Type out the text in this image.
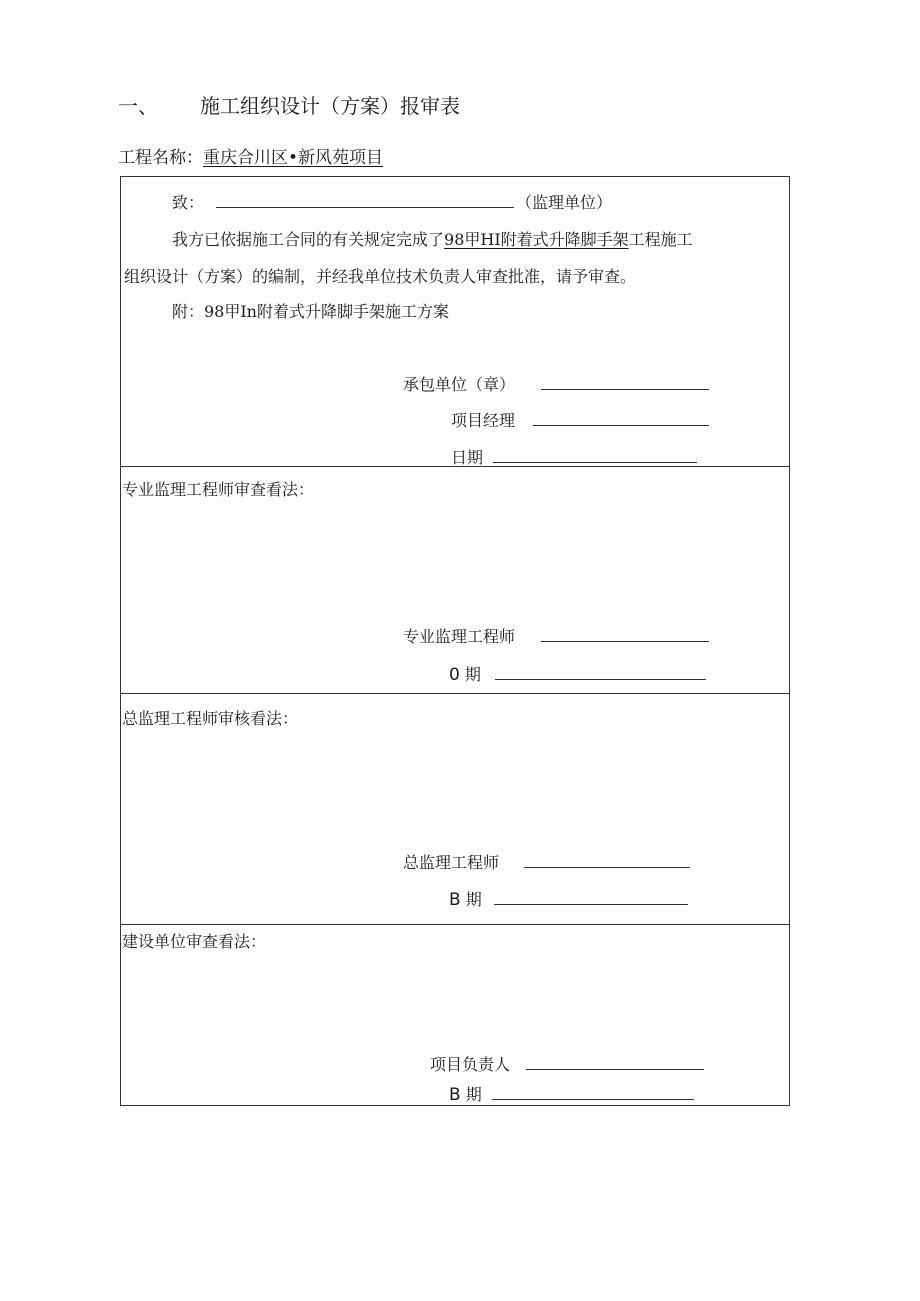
一、 施工组织设计（方案）报审表
工程名称：重庆合川区•新风苑项目
致：	（监理单位）
我方已依据施工合同的有关规定完成了98甲HI附着式升降脚手架工程施工
组织设计（方案）的编制，并经我单位技术负责人审查批准，请予审查。
附：98甲In附着式升降脚手架施工方案
承包单位（章）
项目经理
日期
专业监理工程师审查看法：
专业监理工程师
0 期
总监理工程师审核看法：
总监理工程师
B 期
建设单位审查看法：
项目负责人
B 期
